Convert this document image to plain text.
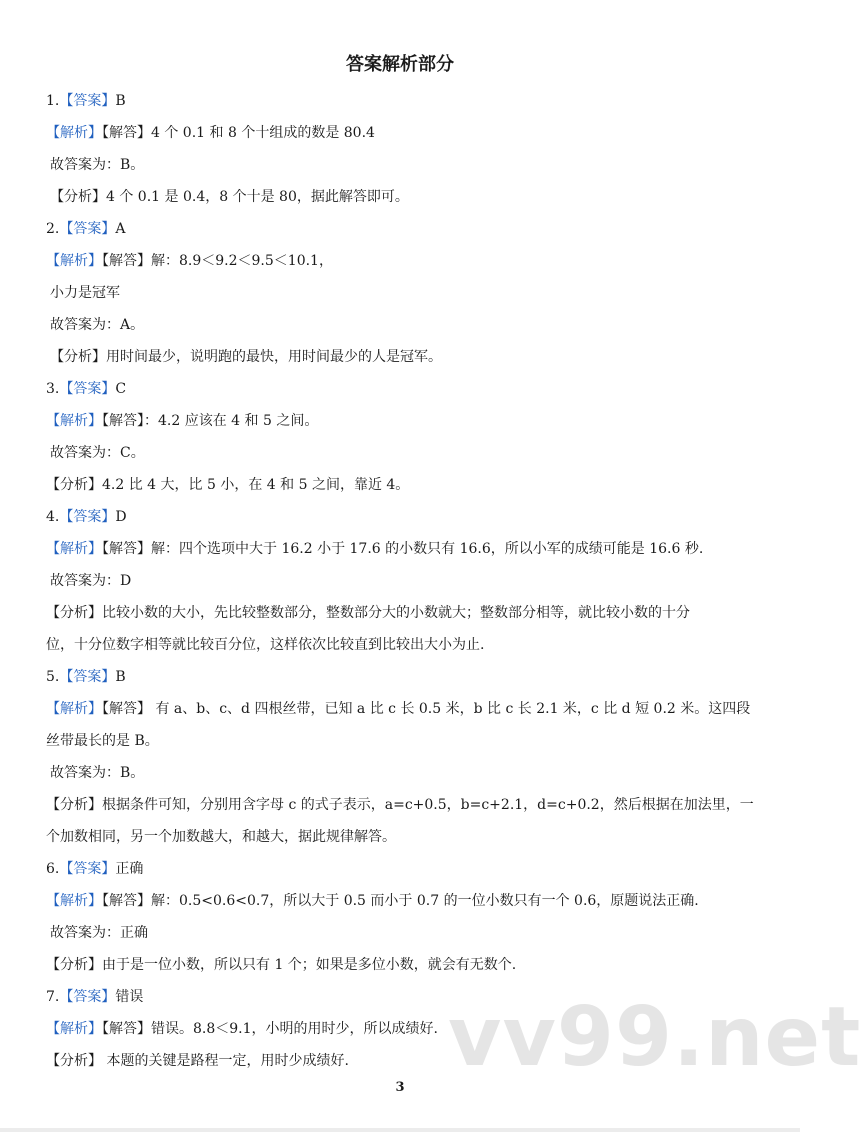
答案解析部分
1.【答案】B
【解析】【解答】4 个 0.1 和 8 个十组成的数是 80.4
故答案为：B。
【分析】4 个 0.1 是 0.4，8 个十是 80，据此解答即可。
2.【答案】A
【解析】【解答】解：8.9＜9.2＜9.5＜10.1，
小力是冠军
故答案为：A。
【分析】用时间最少，说明跑的最快，用时间最少的人是冠军。
3.【答案】C
【解析】【解答】：4.2 应该在 4 和 5 之间。
故答案为：C。
【分析】4.2 比 4 大，比 5 小，在 4 和 5 之间，靠近 4。
4.【答案】D
【解析】【解答】解：四个选项中大于 16.2 小于 17.6 的小数只有 16.6，所以小军的成绩可能是 16.6 秒.
故答案为：D
【分析】比较小数的大小，先比较整数部分，整数部分大的小数就大；整数部分相等，就比较小数的十分
位，十分位数字相等就比较百分位，这样依次比较直到比较出大小为止.
5.【答案】B
【解析】【解答】 有 a、b、c、d 四根丝带，已知 a 比 c 长 0.5 米，b 比 c 长 2.1 米，c 比 d 短 0.2 米。这四段
丝带最长的是 B。
故答案为：B。
【分析】根据条件可知，分别用含字母 c 的式子表示，a=c+0.5，b=c+2.1，d=c+0.2，然后根据在加法里，一
个加数相同，另一个加数越大，和越大，据此规律解答。
6.【答案】正确
【解析】【解答】解：0.5<0.6<0.7，所以大于 0.5 而小于 0.7 的一位小数只有一个 0.6，原题说法正确.
故答案为：正确
【分析】由于是一位小数，所以只有 1 个；如果是多位小数，就会有无数个.
7.【答案】错误
【解析】【解答】错误。8.8＜9.1，小明的用时少，所以成绩好.
【分析】 本题的关键是路程一定，用时少成绩好. vv99.net
3
